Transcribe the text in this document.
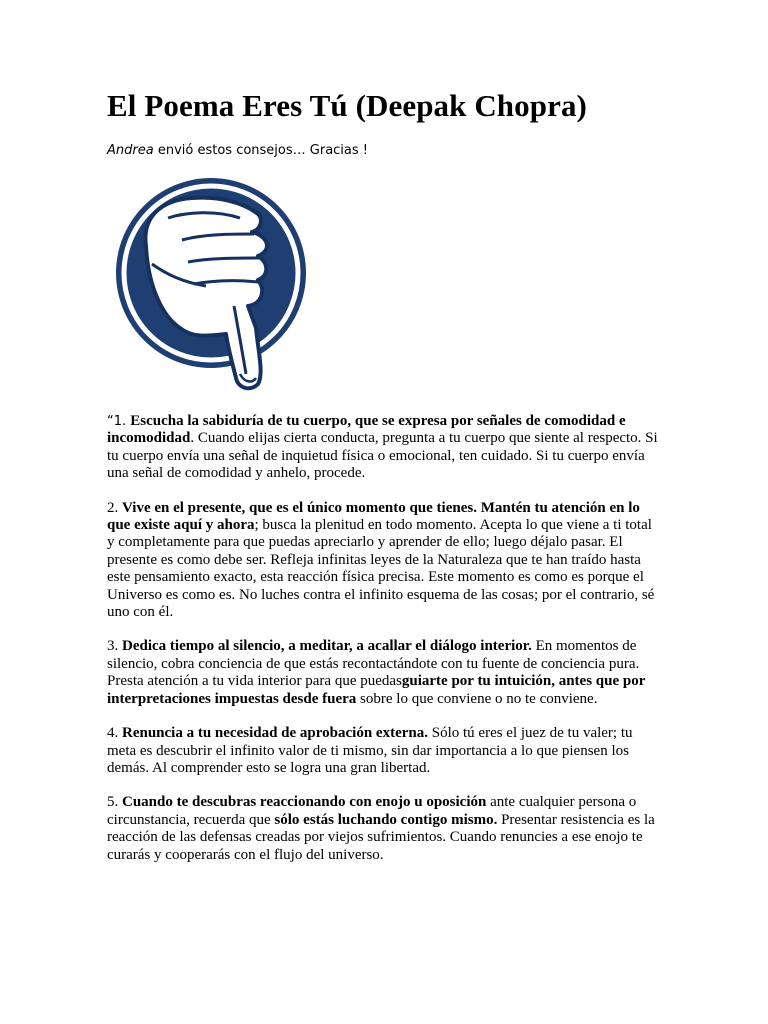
El Poema Eres Tú (Deepak Chopra)
Andrea envió estos consejos… Gracias !

“1. Escucha la sabiduría de tu cuerpo, que se expresa por señales de comodidad e incomodidad. Cuando elijas cierta conducta, pregunta a tu cuerpo que siente al respecto. Si tu cuerpo envía una señal de inquietud física o emocional, ten cuidado. Si tu cuerpo envía una señal de comodidad y anhelo, procede.

2. Vive en el presente, que es el único momento que tienes. Mantén tu atención en lo que existe aquí y ahora; busca la plenitud en todo momento. Acepta lo que viene a ti total y completamente para que puedas apreciarlo y aprender de ello; luego déjalo pasar. El presente es como debe ser. Refleja infinitas leyes de la Naturaleza que te han traído hasta este pensamiento exacto, esta reacción física precisa. Este momento es como es porque el Universo es como es. No luches contra el infinito esquema de las cosas; por el contrario, sé uno con él.

3. Dedica tiempo al silencio, a meditar, a acallar el diálogo interior. En momentos de silencio, cobra conciencia de que estás recontactándote con tu fuente de conciencia pura. Presta atención a tu vida interior para que puedasguiarte por tu intuición, antes que por interpretaciones impuestas desde fuera sobre lo que conviene o no te conviene.

4. Renuncia a tu necesidad de aprobación externa. Sólo tú eres el juez de tu valer; tu meta es descubrir el infinito valor de ti mismo, sin dar importancia a lo que piensen los demás. Al comprender esto se logra una gran libertad.

5. Cuando te descubras reaccionando con enojo u oposición ante cualquier persona o circunstancia, recuerda que sólo estás luchando contigo mismo. Presentar resistencia es la reacción de las defensas creadas por viejos sufrimientos. Cuando renuncies a ese enojo te curarás y cooperarás con el flujo del universo.
